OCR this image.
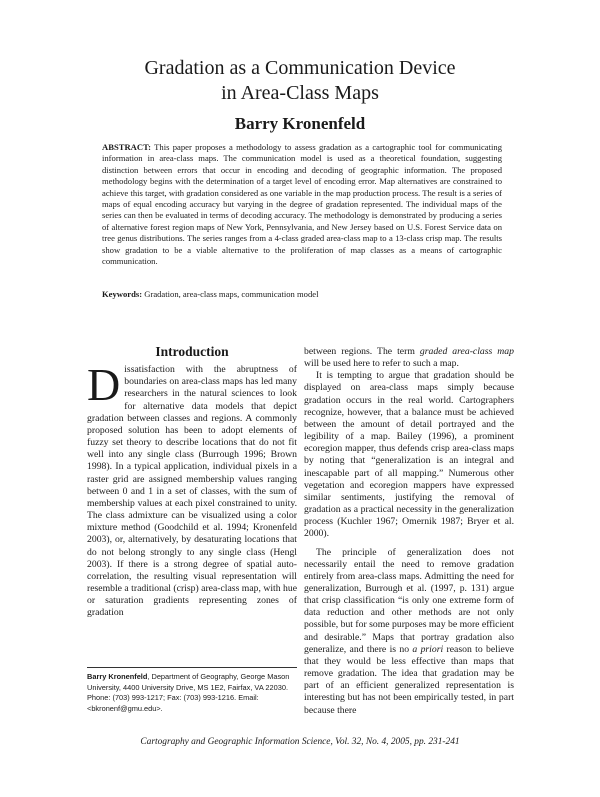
Gradation as a Communication Device
in Area-Class Maps
Barry Kronenfeld
ABSTRACT: This paper proposes a methodology to assess gradation as a cartographic tool for communicating information in area-class maps. The communication model is used as a theoretical foundation, suggesting distinction between errors that occur in encoding and decoding of geographic information. The proposed methodology begins with the determination of a target level of encoding error. Map alternatives are constrained to achieve this target, with gradation considered as one variable in the map production process. The result is a series of maps of equal encoding accuracy but varying in the degree of gradation represented. The individual maps of the series can then be evaluated in terms of decoding accuracy. The methodology is demonstrated by producing a series of alternative forest region maps of New York, Pennsylvania, and New Jersey based on U.S. Forest Service data on tree genus distributions. The series ranges from a 4-class graded area-class map to a 13-class crisp map. The results show gradation to be a viable alternative to the proliferation of map classes as a means of cartographic communication.
Keywords: Gradation, area-class maps, communication model
Introduction

Dissatisfaction with the abruptness of boundaries on area-class maps has led many researchers in the natural sciences to look for alternative data models that depict gradation between classes and regions. A commonly proposed solution has been to adopt elements of fuzzy set theory to describe locations that do not fit well into any single class (Burrough 1996; Brown 1998). In a typical application, individual pixels in a raster grid are assigned membership values ranging between 0 and 1 in a set of classes, with the sum of membership values at each pixel constrained to unity. The class admixture can be visualized using a color mixture method (Goodchild et al. 1994; Kronenfeld 2003), or, alternatively, by desaturating locations that do not belong strongly to any single class (Hengl 2003). If there is a strong degree of spatial auto-correlation, the resulting visual representation will resemble a traditional (crisp) area-class map, with hue or saturation gradients representing zones of gradation

between regions. The term graded area-class map will be used here to refer to such a map.

It is tempting to argue that gradation should be displayed on area-class maps simply because gradation occurs in the real world. Cartographers recognize, however, that a balance must be achieved between the amount of detail portrayed and the legibility of a map. Bailey (1996), a prominent ecoregion mapper, thus defends crisp area-class maps by noting that “generalization is an integral and inescapable part of all mapping.” Numerous other vegetation and ecoregion mappers have expressed similar sentiments, justifying the removal of gradation as a practical necessity in the generalization process (Kuchler 1967; Omernik 1987; Bryer et al. 2000).

The principle of generalization does not necessarily entail the need to remove gradation entirely from area-class maps. Admitting the need for generalization, Burrough et al. (1997, p. 131) argue that crisp classification “is only one extreme form of data reduction and other methods are not only possible, but for some purposes may be more efficient and desirable.” Maps that portray gradation also generalize, and there is no a priori reason to believe that they would be less effective than maps that remove gradation. The idea that gradation may be part of an efficient generalized representation is interesting but has not been empirically tested, in part because there

Barry Kronenfeld, Department of Geography, George Mason University, 4400 University Drive, MS 1E2, Fairfax, VA 22030. Phone: (703) 993-1217; Fax: (703) 993-1216. Email: <bkronenf@gmu.edu>.
Cartography and Geographic Information Science, Vol. 32, No. 4, 2005, pp. 231-241
